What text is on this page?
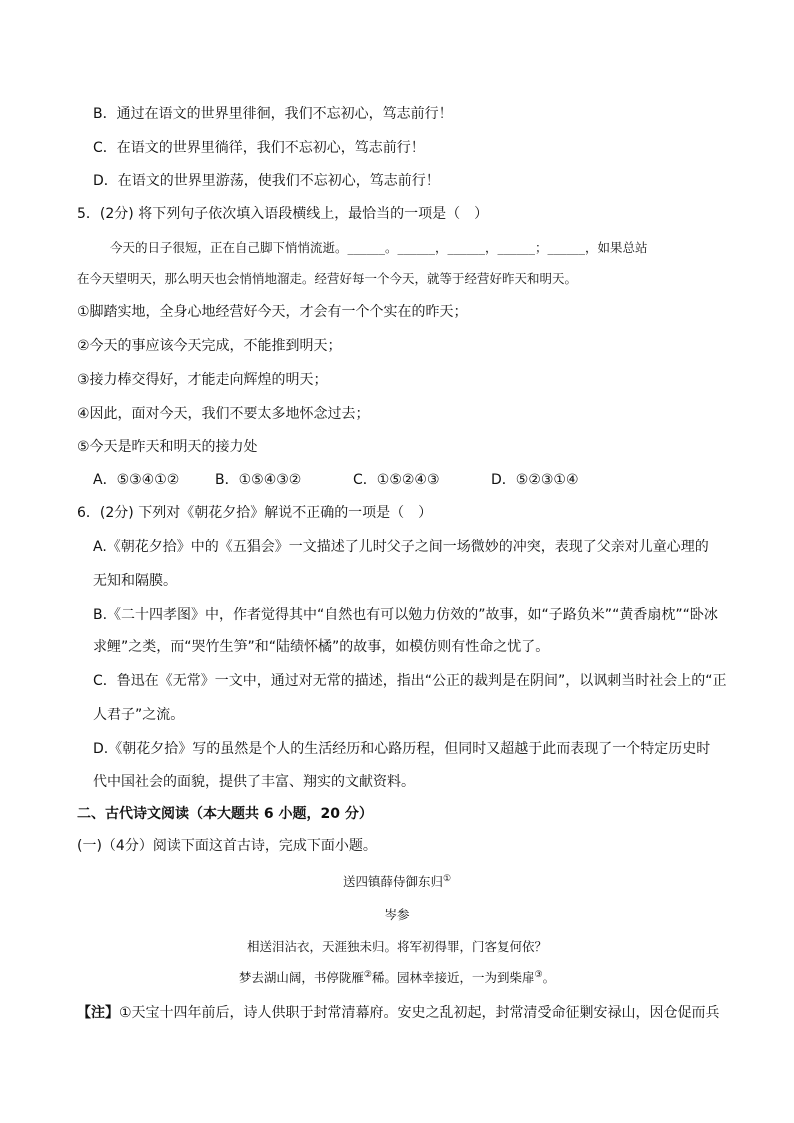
B．通过在语文的世界里徘徊，我们不忘初心，笃志前行！
C．在语文的世界里徜徉，我们不忘初心，笃志前行！
D．在语文的世界里游荡，使我们不忘初心，笃志前行！
5．(2分) 将下列句子依次填入语段横线上，最恰当的一项是（　）
今天的日子很短，正在自己脚下悄悄流逝。______。______，______，______；______，如果总站
在今天望明天，那么明天也会悄悄地溜走。经营好每一个今天，就等于经营好昨天和明天。
①脚踏实地，全身心地经营好今天，才会有一个个实在的昨天；
②今天的事应该今天完成，不能推到明天；
③接力棒交得好，才能走向辉煌的明天；
④因此，面对今天，我们不要太多地怀念过去；
⑤今天是昨天和明天的接力处
A．⑤③④①②	B．①⑤④③②	C．①⑤②④③	D．⑤②③①④
6．(2分) 下列对《朝花夕拾》解说不正确的一项是（　）
A.《朝花夕拾》中的《五猖会》一文描述了儿时父子之间一场微妙的冲突，表现了父亲对儿童心理的
无知和隔膜。
B.《二十四孝图》中，作者觉得其中“自然也有可以勉力仿效的”故事，如“子路负米”“黄香扇枕”“卧冰
求鲤”之类，而“哭竹生笋”和“陆绩怀橘”的故事，如模仿则有性命之忧了。
C．鲁迅在《无常》一文中，通过对无常的描述，指出“公正的裁判是在阴间”，以讽刺当时社会上的“正
人君子”之流。
D.《朝花夕拾》写的虽然是个人的生活经历和心路历程，但同时又超越于此而表现了一个特定历史时
代中国社会的面貌，提供了丰富、翔实的文献资料。
二、古代诗文阅读（本大题共 6 小题，20 分）
(一)（4分）阅读下面这首古诗，完成下面小题。
送四镇薛侍御东归①
岑参
相送泪沾衣，天涯独未归。将军初得罪，门客复何依？
梦去湖山阔，书停陇雁②稀。园林幸接近，一为到柴扉③。
【注】①天宝十四年前后，诗人供职于封常清幕府。安史之乱初起，封常清受命征剿安禄山，因仓促而兵
